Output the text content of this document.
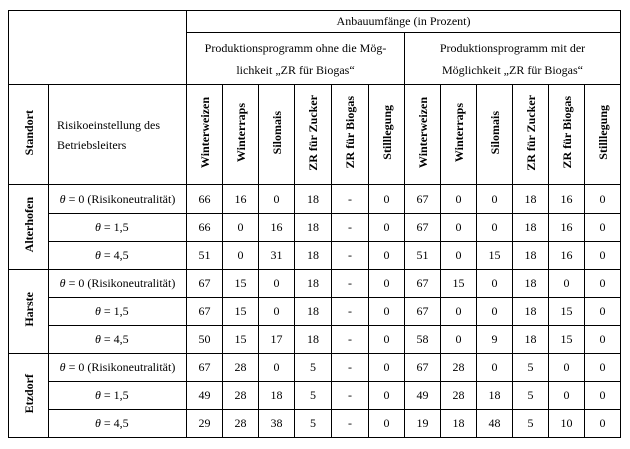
		Anbauumfänge (in Prozent)											
		Produktionsprogramm ohne die Mög-
lichkeit „ZR für Biogas“						Produktionsprogramm mit der
Möglichkeit „ZR für Biogas“					

Standort	Risikoeinstellung des
Betriebsleiters	Winterweizen	Winterraps	Silomais	ZR für Zucker	ZR für Biogas	Stilllegung	Winterweizen	Winterraps	Silomais	ZR für Zucker	ZR für Biogas	Stilllegung
Alterhofen	θ = 0 (Risikoneutralität)	66	16	0	18	-	0	67	0	0	18	16	0
	θ = 1,5	66	0	16	18	-	0	67	0	0	18	16	0
	θ = 4,5	51	0	31	18	-	0	51	0	15	18	16	0
Harste	θ = 0 (Risikoneutralität)	67	15	0	18	-	0	67	15	0	18	0	0
	θ = 1,5	67	15	0	18	-	0	67	0	0	18	15	0
	θ = 4,5	50	15	17	18	-	0	58	0	9	18	15	0
Etzdorf	θ = 0 (Risikoneutralität)	67	28	0	5	-	0	67	28	0	5	0	0
	θ = 1,5	49	28	18	5	-	0	49	28	18	5	0	0
	θ = 4,5	29	28	38	5	-	0	19	18	48	5	10	0
